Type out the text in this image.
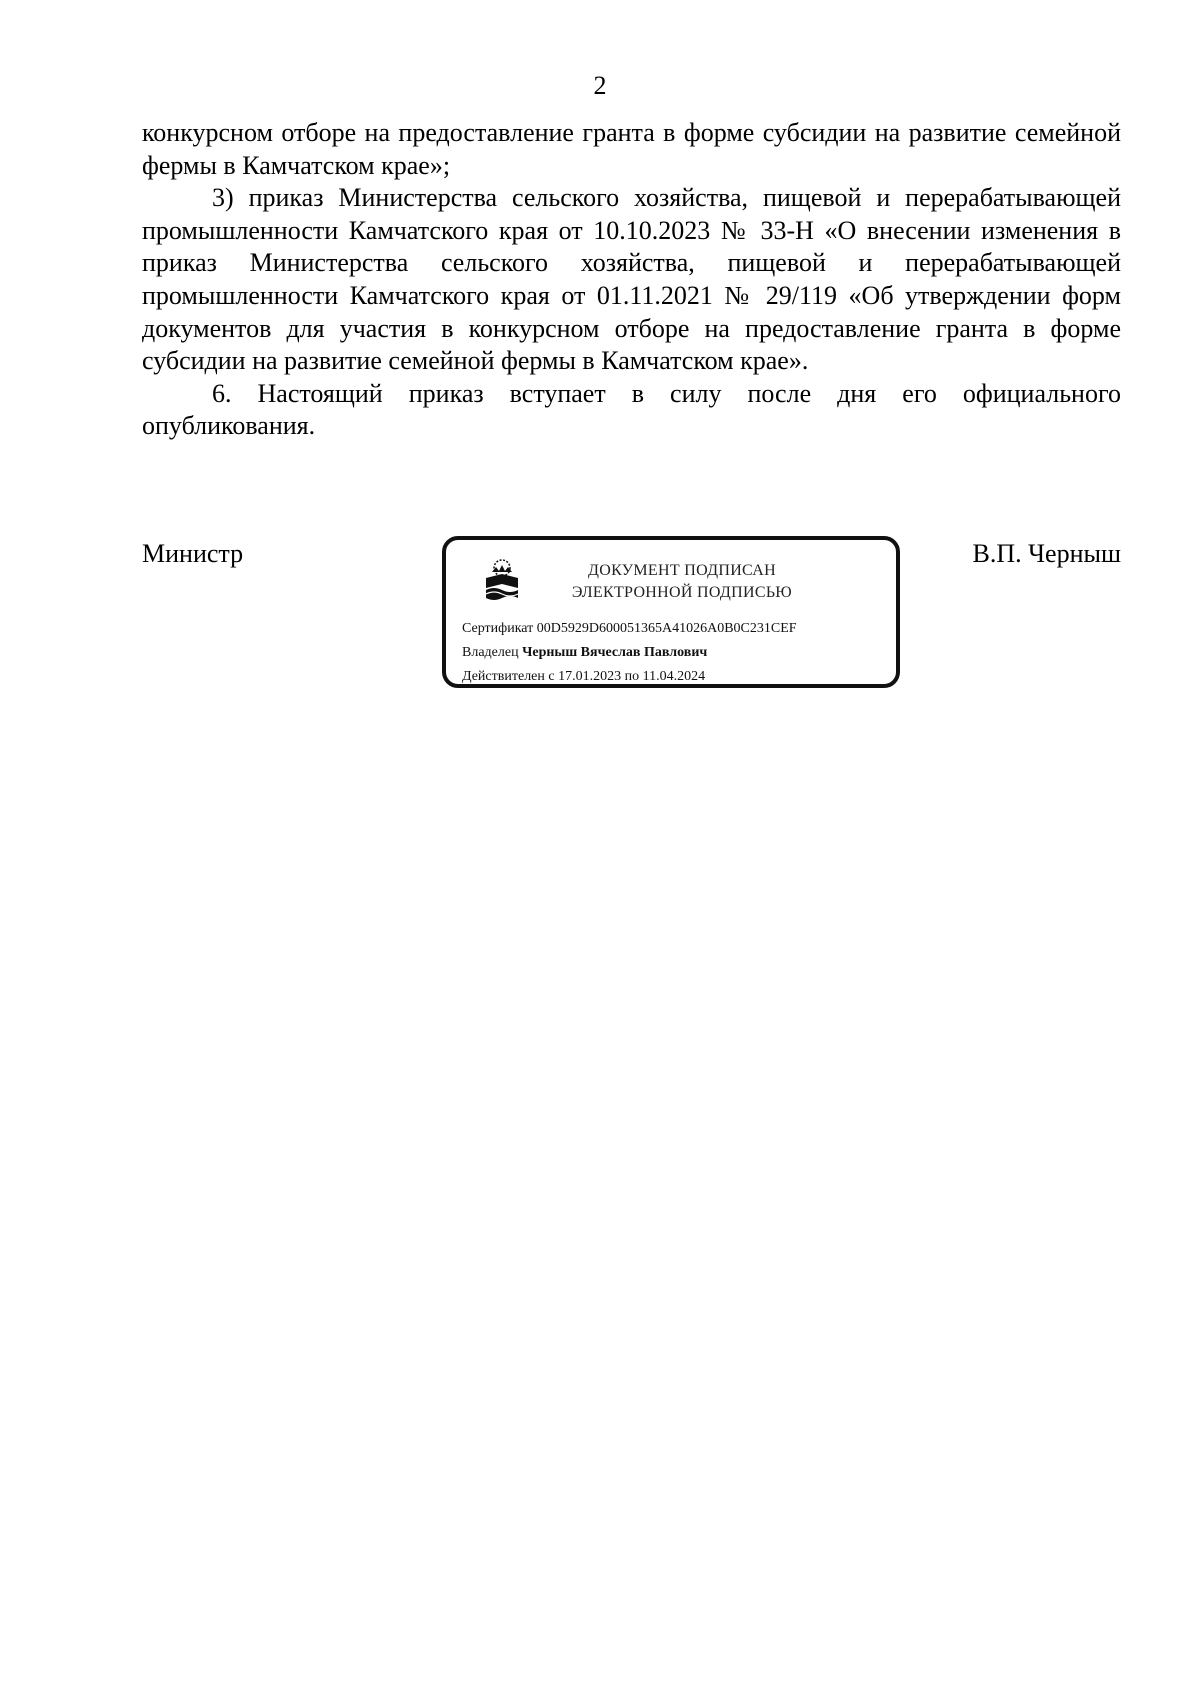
2

конкурсном отборе на предоставление гранта в форме субсидии на развитие семейной фермы в Камчатском крае»;

3) приказ Министерства сельского хозяйства, пищевой и перерабатывающей промышленности Камчатского края от 10.10.2023 № 33-Н «О внесении изменения в приказ Министерства сельского хозяйства, пищевой и перерабатывающей промышленности Камчатского края от 01.11.2021 № 29/119 «Об утверждении форм документов для участия в конкурсном отборе на предоставление гранта в форме субсидии на развитие семейной фермы в Камчатском крае».

6. Настоящий приказ вступает в силу после дня его официального опубликования.

Министр
ДОКУМЕНТ ПОДПИСАН
ЭЛЕКТРОННОЙ ПОДПИСЬЮ
Сертификат 00D5929D600051365A41026A0B0C231CEF
Владелец Черныш Вячеслав Павлович
Действителен с 17.01.2023 по 11.04.2024
В.П. Черныш
